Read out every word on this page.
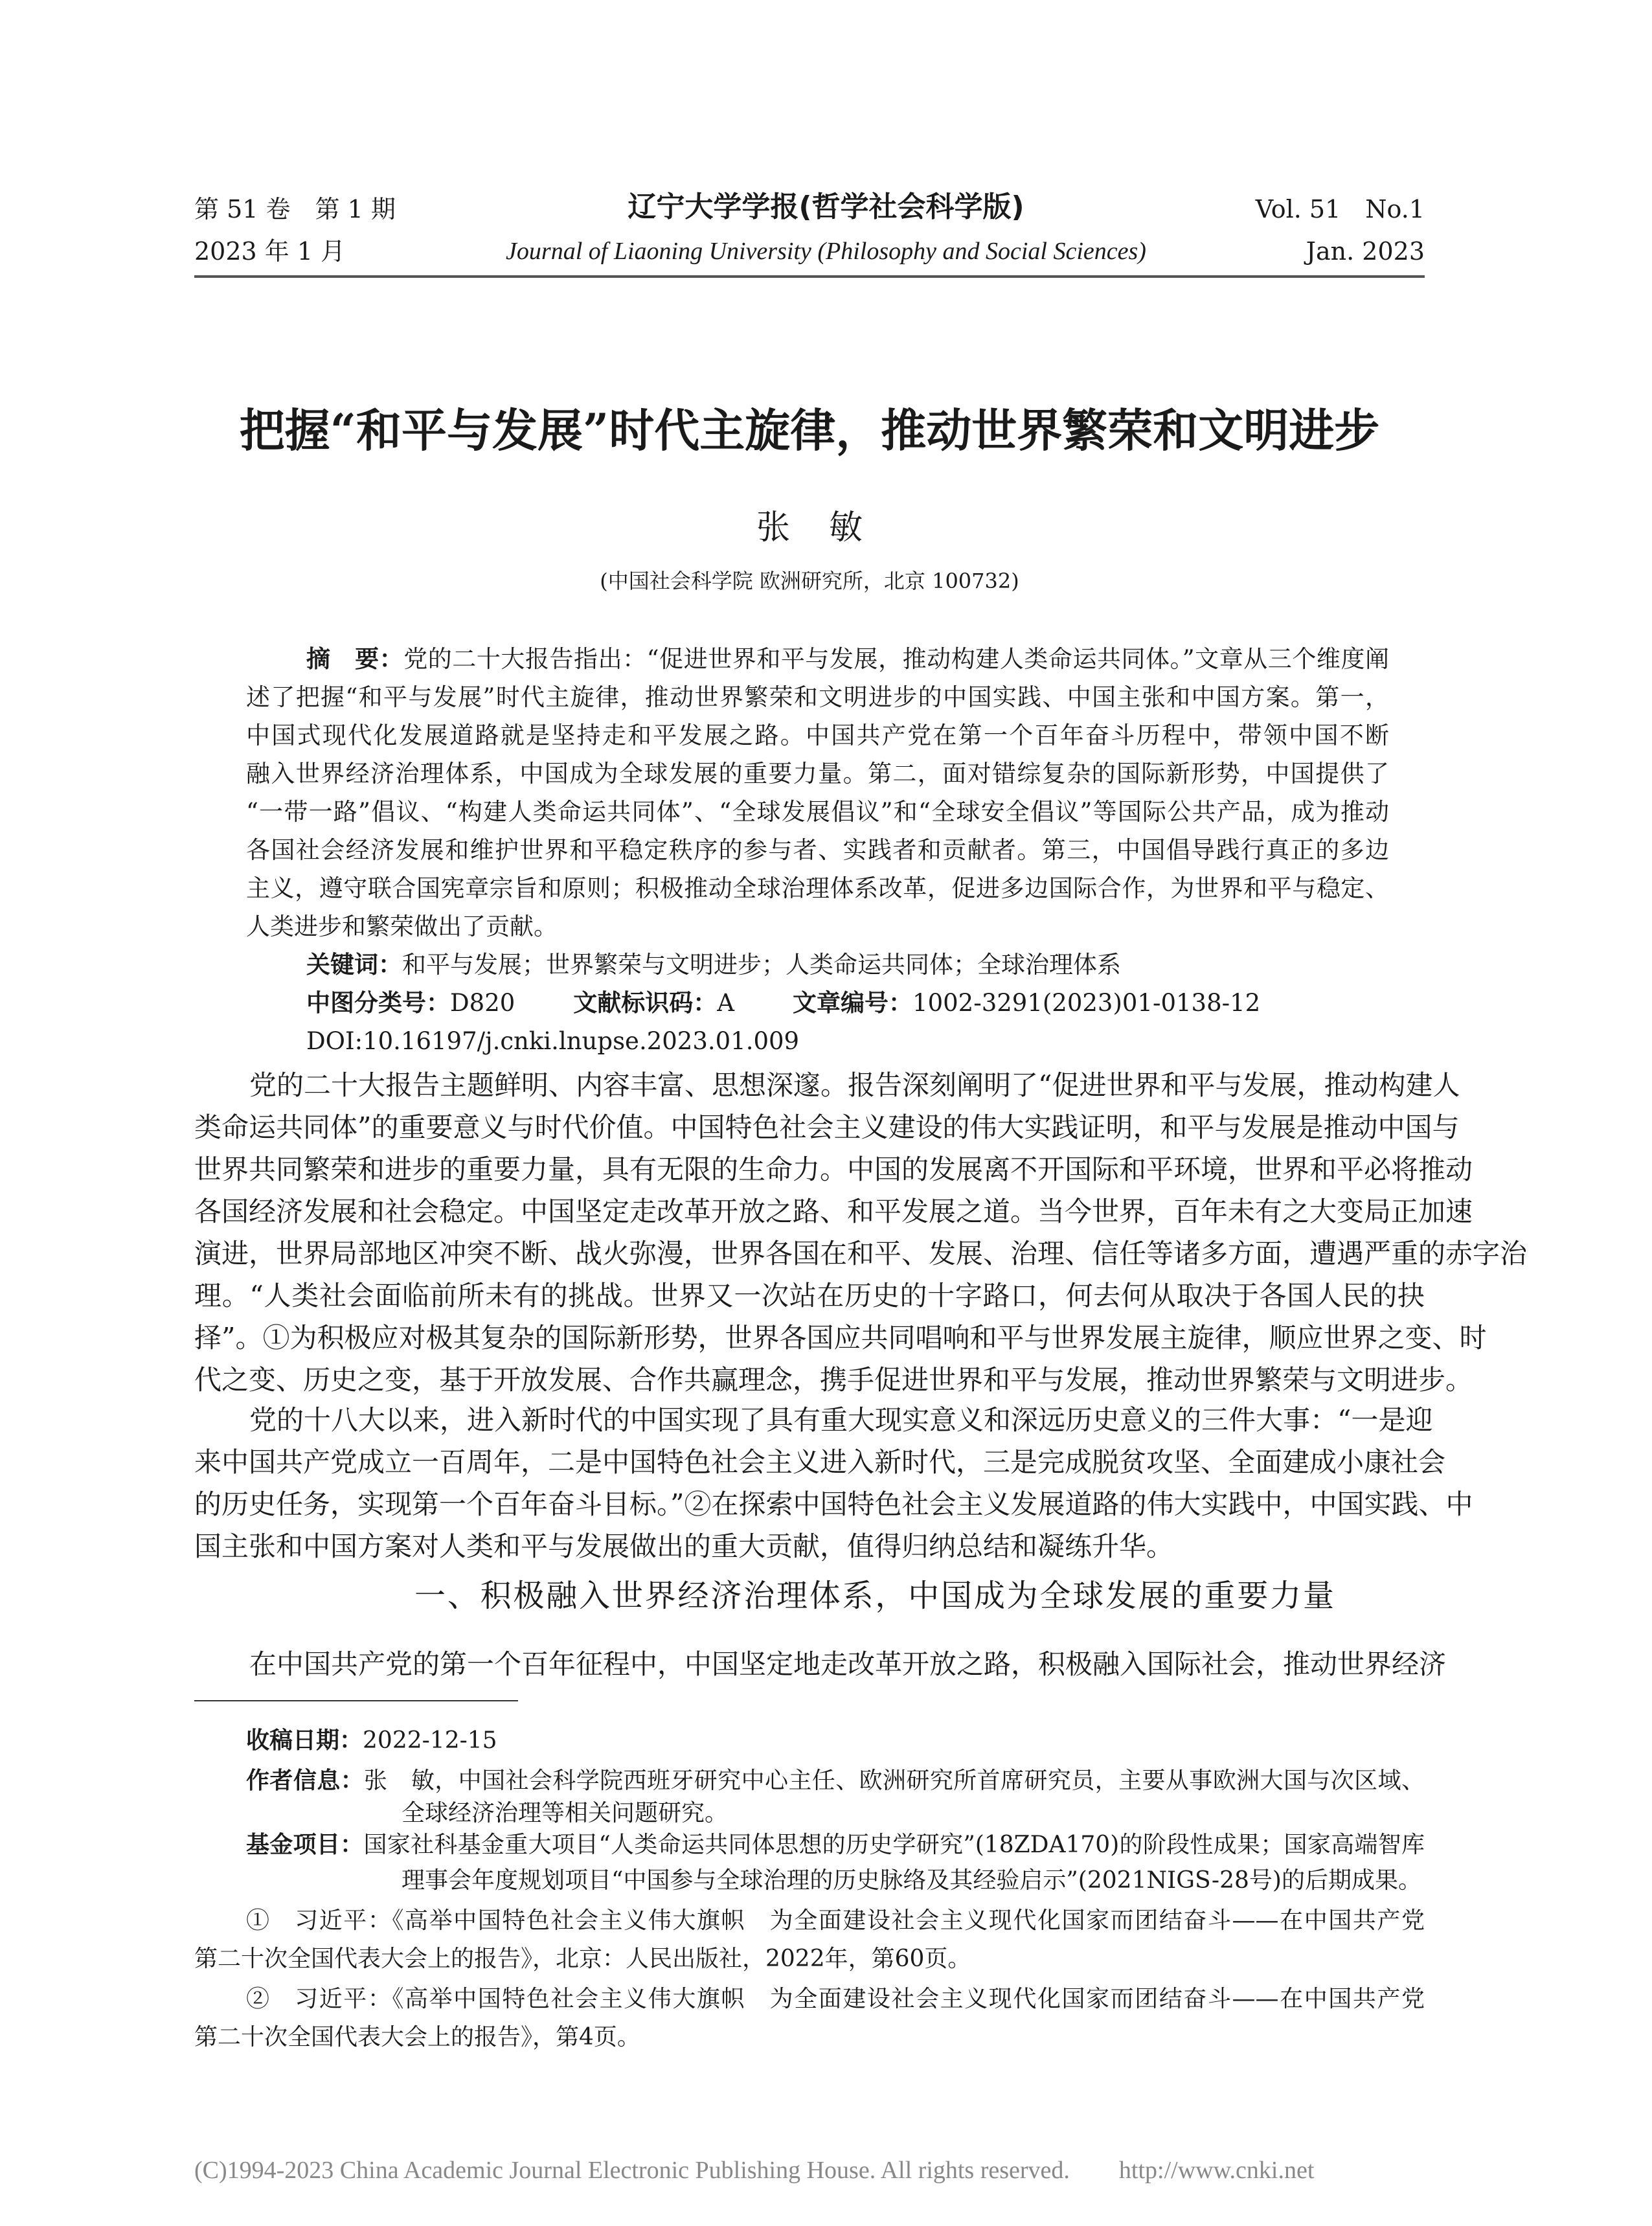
第 51 卷　第 1 期
2023 年 1 月
辽宁大学学报(哲学社会科学版)
Journal of Liaoning University (Philosophy and Social Sciences)
Vol. 51　No.1
Jan. 2023
把握“和平与发展”时代主旋律，推动世界繁荣和文明进步
张敏
(中国社会科学院 欧洲研究所，北京 100732)
摘　要：党的二十大报告指出：“促进世界和平与发展，推动构建人类命运共同体。”文章从三个维度阐
述了把握“和平与发展”时代主旋律，推动世界繁荣和文明进步的中国实践、中国主张和中国方案。第一，
中国式现代化发展道路就是坚持走和平发展之路。中国共产党在第一个百年奋斗历程中，带领中国不断
融入世界经济治理体系，中国成为全球发展的重要力量。第二，面对错综复杂的国际新形势，中国提供了
“一带一路”倡议、“构建人类命运共同体”、“全球发展倡议”和“全球安全倡议”等国际公共产品，成为推动
各国社会经济发展和维护世界和平稳定秩序的参与者、实践者和贡献者。第三，中国倡导践行真正的多边
主义，遵守联合国宪章宗旨和原则；积极推动全球治理体系改革，促进多边国际合作，为世界和平与稳定、
人类进步和繁荣做出了贡献。
关键词：和平与发展；世界繁荣与文明进步；人类命运共同体；全球治理体系
中图分类号：D820 文献标识码：A 文章编号：1002-3291(2023)01-0138-12
DOI:10.16197/j.cnki.lnupse.2023.01.009
党的二十大报告主题鲜明、内容丰富、思想深邃。报告深刻阐明了“促进世界和平与发展，推动构建人
类命运共同体”的重要意义与时代价值。中国特色社会主义建设的伟大实践证明，和平与发展是推动中国与
世界共同繁荣和进步的重要力量，具有无限的生命力。中国的发展离不开国际和平环境，世界和平必将推动
各国经济发展和社会稳定。中国坚定走改革开放之路、和平发展之道。当今世界，百年未有之大变局正加速
演进，世界局部地区冲突不断、战火弥漫，世界各国在和平、发展、治理、信任等诸多方面，遭遇严重的赤字治
理。“人类社会面临前所未有的挑战。世界又一次站在历史的十字路口，何去何从取决于各国人民的抉
择”。①为积极应对极其复杂的国际新形势，世界各国应共同唱响和平与世界发展主旋律，顺应世界之变、时
代之变、历史之变，基于开放发展、合作共赢理念，携手促进世界和平与发展，推动世界繁荣与文明进步。
党的十八大以来，进入新时代的中国实现了具有重大现实意义和深远历史意义的三件大事：“一是迎
来中国共产党成立一百周年，二是中国特色社会主义进入新时代，三是完成脱贫攻坚、全面建成小康社会
的历史任务，实现第一个百年奋斗目标。”②在探索中国特色社会主义发展道路的伟大实践中，中国实践、中
国主张和中国方案对人类和平与发展做出的重大贡献，值得归纳总结和凝练升华。
在中国共产党的第一个百年征程中，中国坚定地走改革开放之路，积极融入国际社会，推动世界经济
一、积极融入世界经济治理体系，中国成为全球发展的重要力量
收稿日期：2022-12-15
作者信息：张　敏，中国社会科学院西班牙研究中心主任、欧洲研究所首席研究员，主要从事欧洲大国与次区域、
全球经济治理等相关问题研究。
基金项目：国家社科基金重大项目“人类命运共同体思想的历史学研究”(18ZDA170)的阶段性成果；国家高端智库
理事会年度规划项目“中国参与全球治理的历史脉络及其经验启示”(2021NIGS-28号)的后期成果。
①　习近平：《高举中国特色社会主义伟大旗帜　为全面建设社会主义现代化国家而团结奋斗——在中国共产党
第二十次全国代表大会上的报告》，北京：人民出版社，2022年，第60页。
②　习近平：《高举中国特色社会主义伟大旗帜　为全面建设社会主义现代化国家而团结奋斗——在中国共产党
第二十次全国代表大会上的报告》，第4页。
(C)1994-2023 China Academic Journal Electronic Publishing House. All rights reserved.　　http://www.cnki.net
